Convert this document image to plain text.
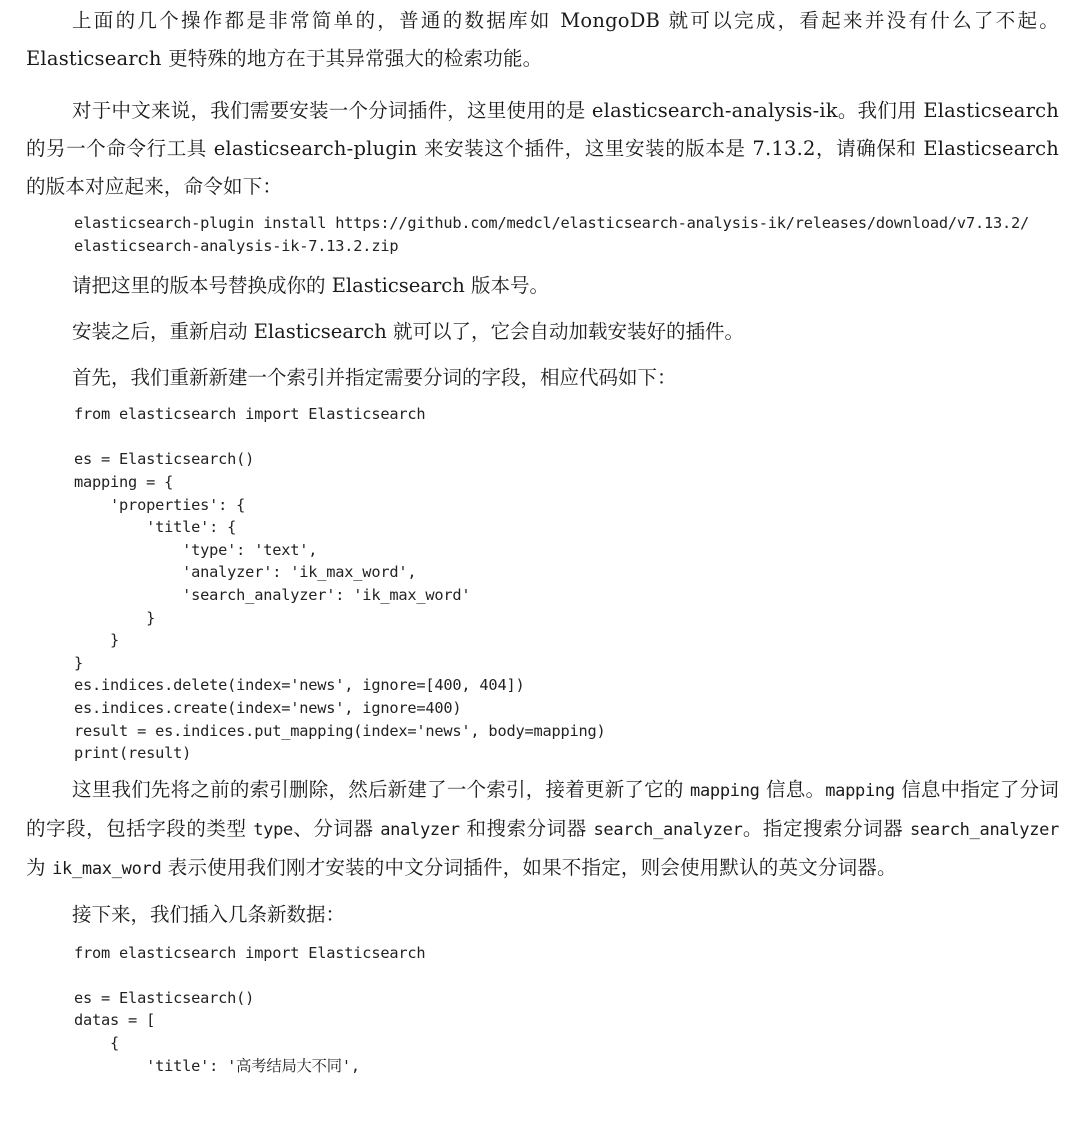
上面的几个操作都是非常简单的，普通的数据库如 MongoDB 就可以完成，看起来并没有什么了不起。Elasticsearch 更特殊的地方在于其异常强大的检索功能。

对于中文来说，我们需要安装一个分词插件，这里使用的是 elasticsearch-analysis-ik。我们用 Elasticsearch 的另一个命令行工具 elasticsearch-plugin 来安装这个插件，这里安装的版本是 7.13.2，请确保和 Elasticsearch 的版本对应起来，命令如下：

elasticsearch-plugin install https://github.com/medcl/elasticsearch-analysis-ik/releases/download/v7.13.2/
elasticsearch-analysis-ik-7.13.2.zip

请把这里的版本号替换成你的 Elasticsearch 版本号。

安装之后，重新启动 Elasticsearch 就可以了，它会自动加载安装好的插件。

首先，我们重新新建一个索引并指定需要分词的字段，相应代码如下：

from elasticsearch import Elasticsearch

es = Elasticsearch()
mapping = {
'properties': {
'title': {
'type': 'text',
'analyzer': 'ik_max_word',
'search_analyzer': 'ik_max_word'
}
}
}
es.indices.delete(index='news', ignore=[400, 404])
es.indices.create(index='news', ignore=400)
result = es.indices.put_mapping(index='news', body=mapping)
print(result)

这里我们先将之前的索引删除，然后新建了一个索引，接着更新了它的 mapping 信息。mapping 信息中指定了分词的字段，包括字段的类型 type、分词器 analyzer 和搜索分词器 search_analyzer。指定搜索分词器 search_analyzer 为 ik_max_word 表示使用我们刚才安装的中文分词插件，如果不指定，则会使用默认的英文分词器。

接下来，我们插入几条新数据：

from elasticsearch import Elasticsearch

es = Elasticsearch()
datas = [
{
'title': '高考结局大不同',
